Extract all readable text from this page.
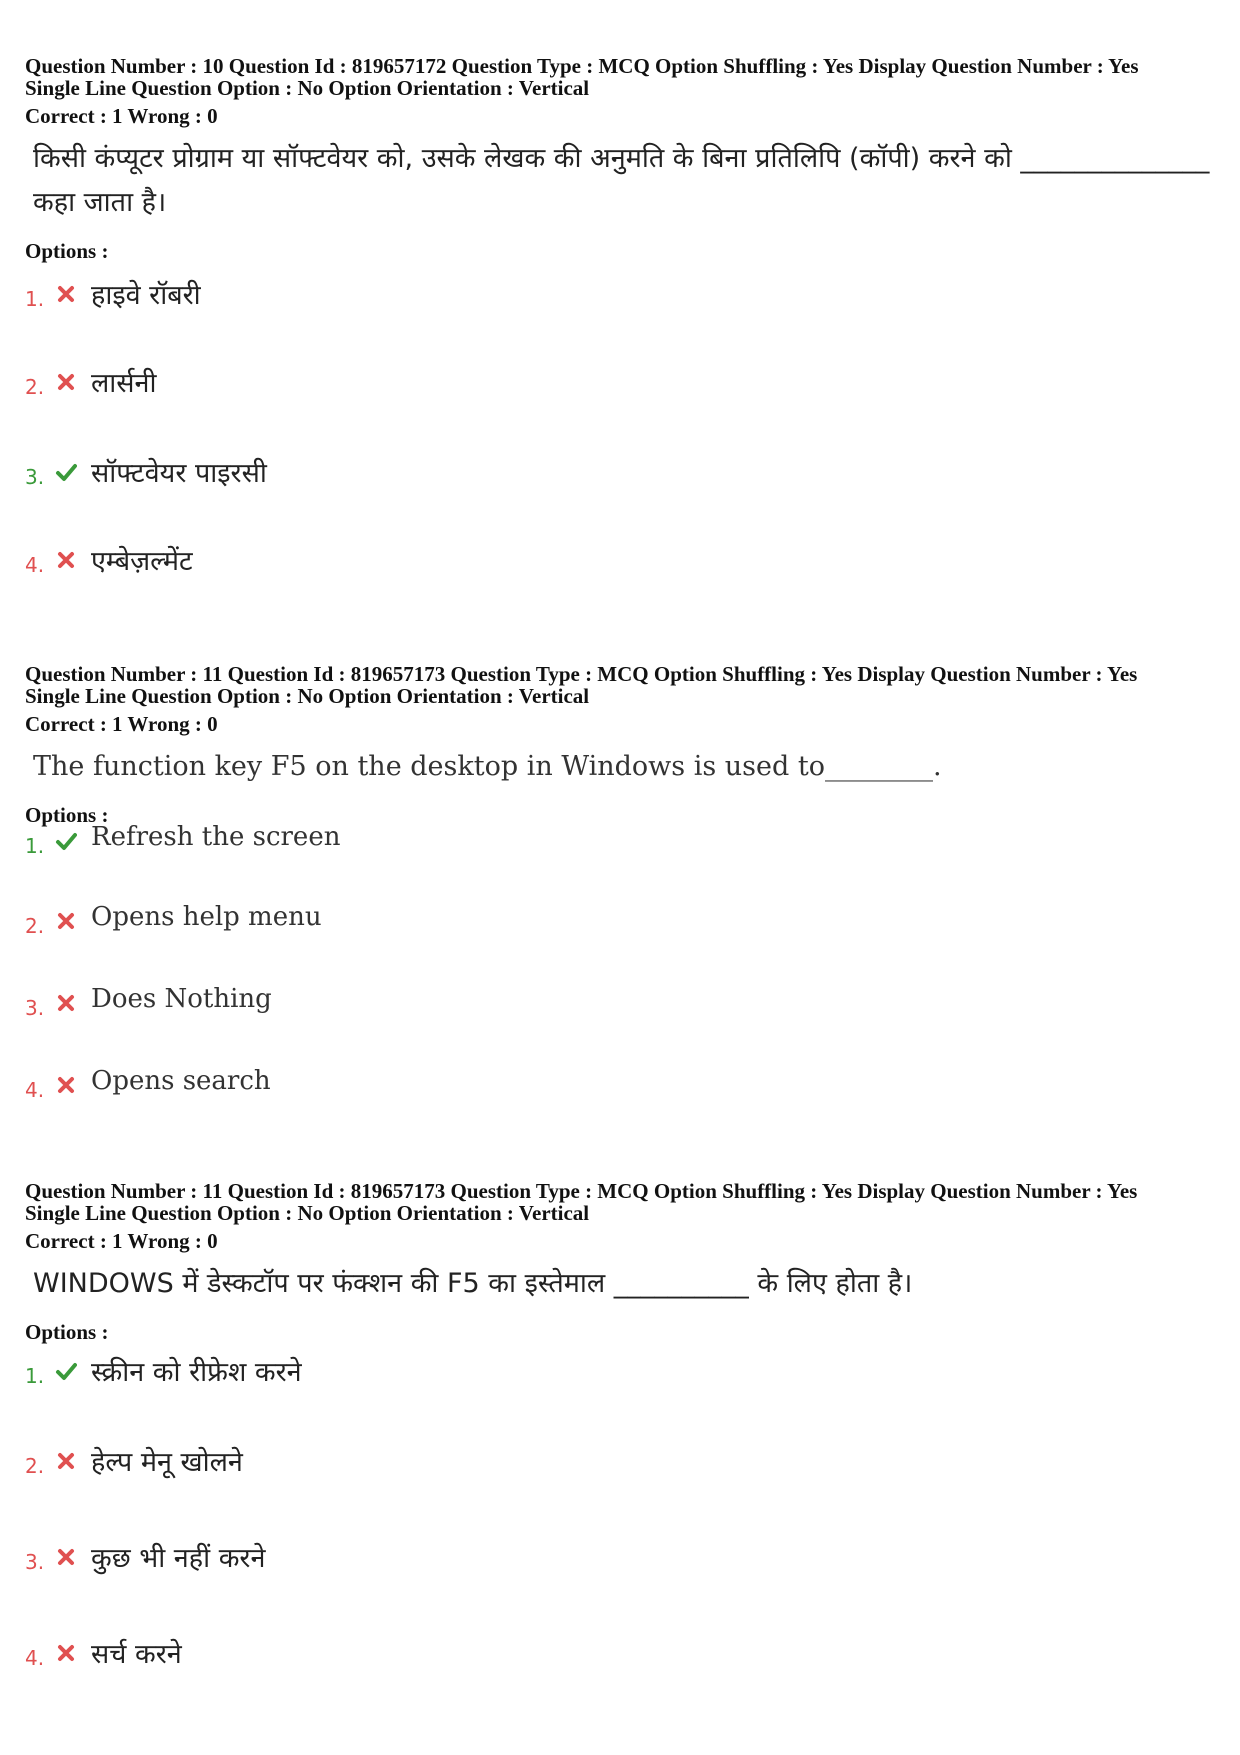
Question Number : 10 Question Id : 819657172 Question Type : MCQ Option Shuffling : Yes Display Question Number : Yes

Single Line Question Option : No Option Orientation : Vertical

Correct : 1 Wrong : 0

किसी कंप्यूटर प्रोग्राम या सॉफ्टवेयर को, उसके लेखक की अनुमति के बिना प्रतिलिपि (कॉपी) करने को ______________ कहा जाता है।
Options :
1. हाइवे रॉबरी
2. लार्सनी
3. सॉफ्टवेयर पाइरसी
4. एम्बेज़ल्मेंट

Question Number : 11 Question Id : 819657173 Question Type : MCQ Option Shuffling : Yes Display Question Number : Yes

Single Line Question Option : No Option Orientation : Vertical

Correct : 1 Wrong : 0

The function key F5 on the desktop in Windows is used to________.
Options :
1. Refresh the screen
2. Opens help menu
3. Does Nothing
4. Opens search

Question Number : 11 Question Id : 819657173 Question Type : MCQ Option Shuffling : Yes Display Question Number : Yes

Single Line Question Option : No Option Orientation : Vertical

Correct : 1 Wrong : 0

WINDOWS में डेस्कटॉप पर फंक्शन की F5 का इस्तेमाल __________ के लिए होता है।
Options :
1. स्क्रीन को रीफ्रेश करने
2. हेल्प मेनू खोलने
3. कुछ भी नहीं करने
4. सर्च करने
